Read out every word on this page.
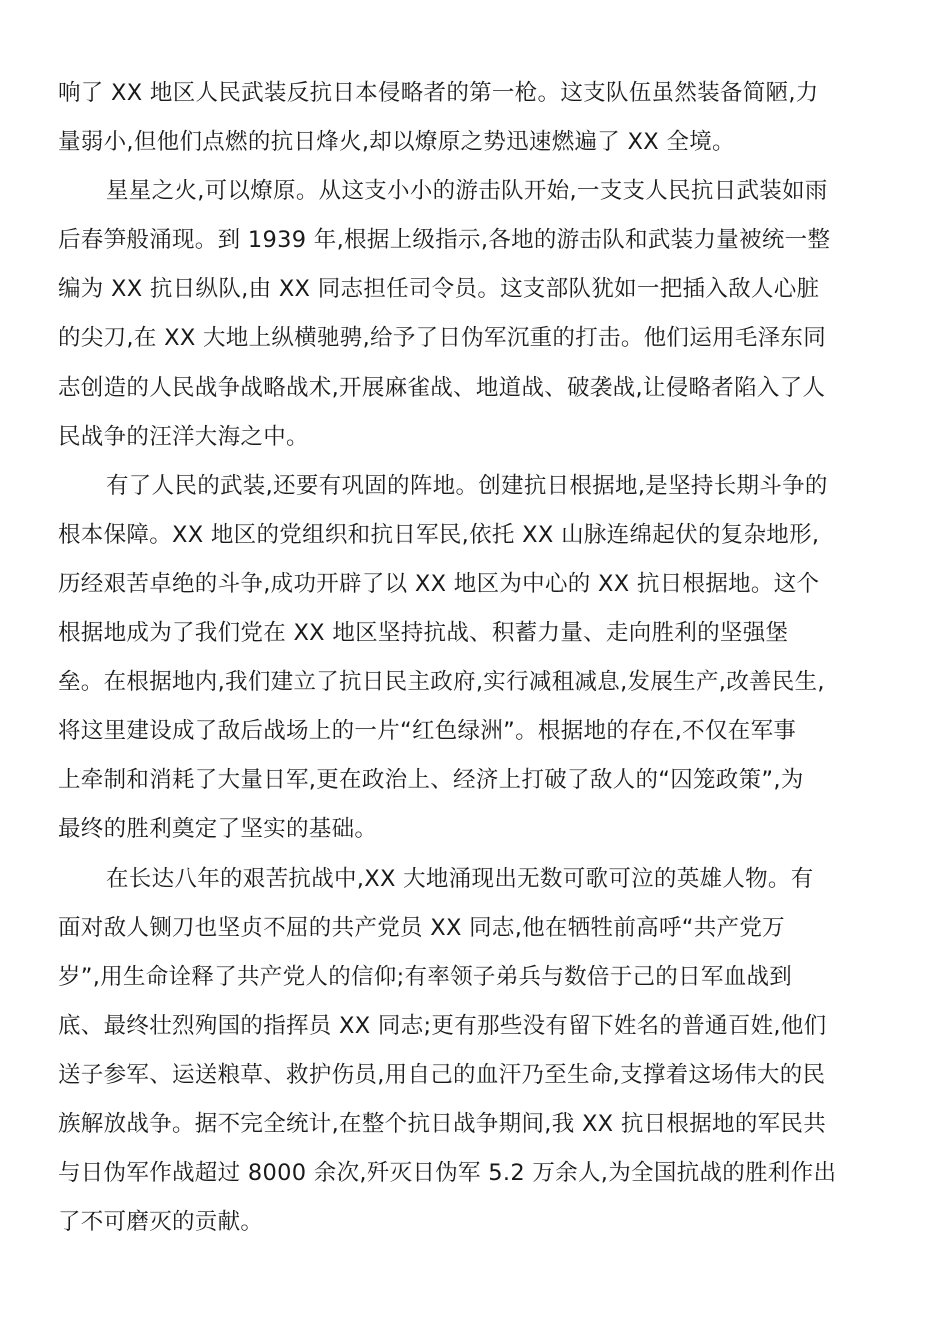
响了 XX 地区人民武装反抗日本侵略者的第一枪。这支队伍虽然装备简陋,力
量弱小,但他们点燃的抗日烽火,却以燎原之势迅速燃遍了 XX 全境。
星星之火,可以燎原。从这支小小的游击队开始,一支支人民抗日武装如雨
后春笋般涌现。到 1939 年,根据上级指示,各地的游击队和武装力量被统一整
编为 XX 抗日纵队,由 XX 同志担任司令员。这支部队犹如一把插入敌人心脏
的尖刀,在 XX 大地上纵横驰骋,给予了日伪军沉重的打击。他们运用毛泽东同
志创造的人民战争战略战术,开展麻雀战、地道战、破袭战,让侵略者陷入了人
民战争的汪洋大海之中。
有了人民的武装,还要有巩固的阵地。创建抗日根据地,是坚持长期斗争的
根本保障。XX 地区的党组织和抗日军民,依托 XX 山脉连绵起伏的复杂地形,
历经艰苦卓绝的斗争,成功开辟了以 XX 地区为中心的 XX 抗日根据地。这个
根据地成为了我们党在 XX 地区坚持抗战、积蓄力量、走向胜利的坚强堡
垒。在根据地内,我们建立了抗日民主政府,实行减租减息,发展生产,改善民生,
将这里建设成了敌后战场上的一片“红色绿洲”。根据地的存在,不仅在军事
上牵制和消耗了大量日军,更在政治上、经济上打破了敌人的“囚笼政策”,为
最终的胜利奠定了坚实的基础。
在长达八年的艰苦抗战中,XX 大地涌现出无数可歌可泣的英雄人物。有
面对敌人铡刀也坚贞不屈的共产党员 XX 同志,他在牺牲前高呼“共产党万
岁”,用生命诠释了共产党人的信仰;有率领子弟兵与数倍于己的日军血战到
底、最终壮烈殉国的指挥员 XX 同志;更有那些没有留下姓名的普通百姓,他们
送子参军、运送粮草、救护伤员,用自己的血汗乃至生命,支撑着这场伟大的民
族解放战争。据不完全统计,在整个抗日战争期间,我 XX 抗日根据地的军民共
与日伪军作战超过 8000 余次,歼灭日伪军 5.2 万余人,为全国抗战的胜利作出
了不可磨灭的贡献。
